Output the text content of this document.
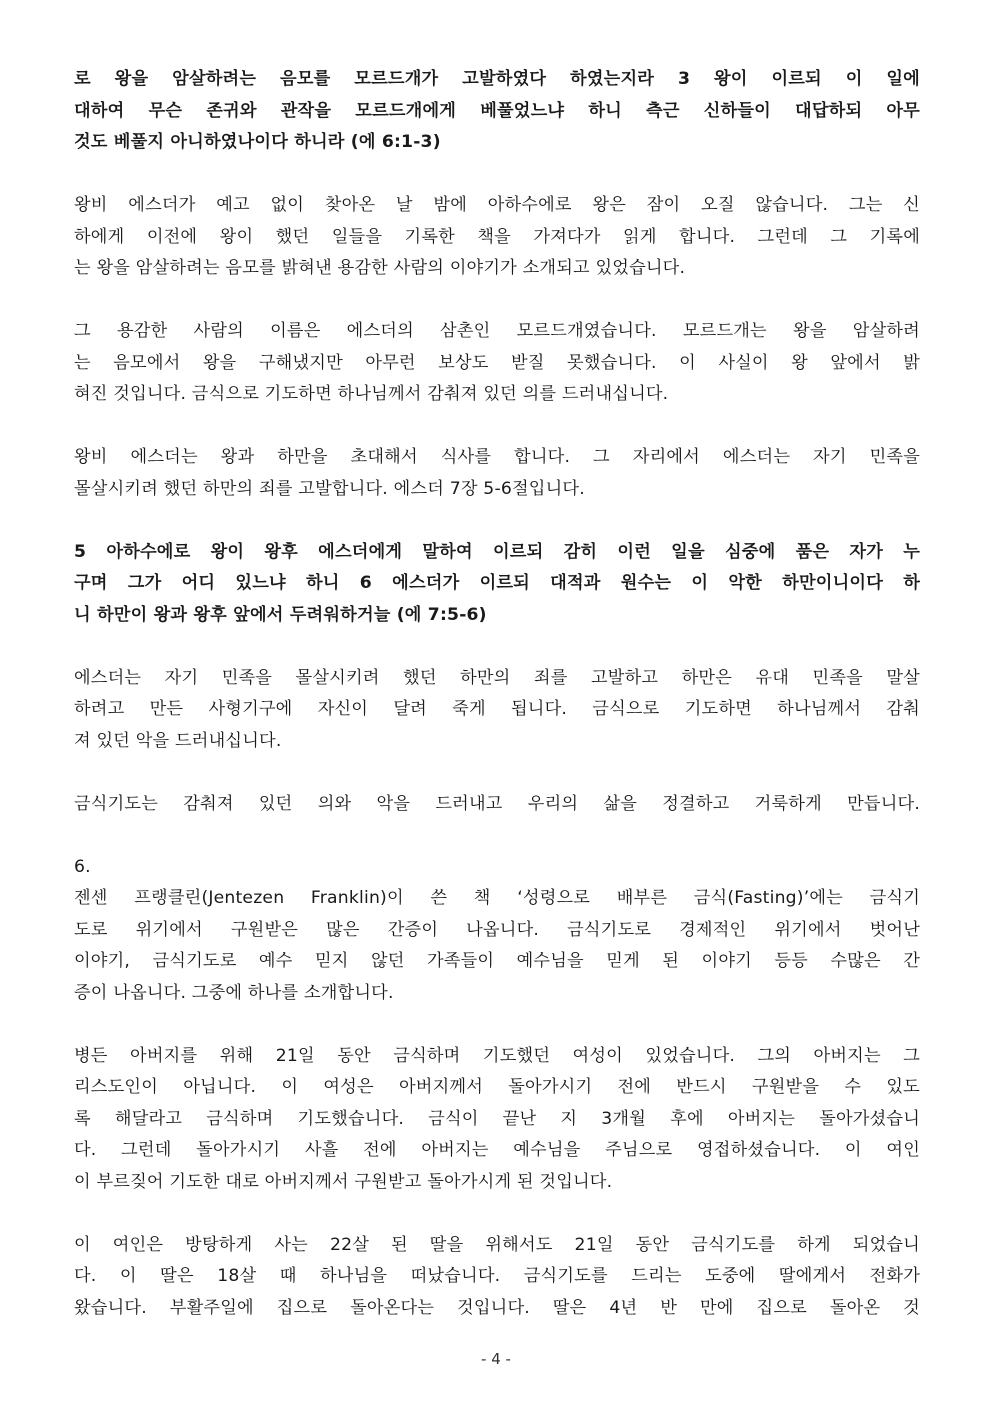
로 왕을 암살하려는 음모를 모르드개가 고발하였다 하였는지라 3 왕이 이르되 이 일에
대하여 무슨 존귀와 관작을 모르드개에게 베풀었느냐 하니 측근 신하들이 대답하되 아무
것도 베풀지 아니하였나이다 하니라 (에 6:1-3)
왕비 에스더가 예고 없이 찾아온 날 밤에 아하수에로 왕은 잠이 오질 않습니다. 그는 신
하에게 이전에 왕이 했던 일들을 기록한 책을 가져다가 읽게 합니다. 그런데 그 기록에
는 왕을 암살하려는 음모를 밝혀낸 용감한 사람의 이야기가 소개되고 있었습니다.
그 용감한 사람의 이름은 에스더의 삼촌인 모르드개였습니다. 모르드개는 왕을 암살하려
는 음모에서 왕을 구해냈지만 아무런 보상도 받질 못했습니다. 이 사실이 왕 앞에서 밝
혀진 것입니다. 금식으로 기도하면 하나님께서 감춰져 있던 의를 드러내십니다.
왕비 에스더는 왕과 하만을 초대해서 식사를 합니다. 그 자리에서 에스더는 자기 민족을
몰살시키려 했던 하만의 죄를 고발합니다. 에스더 7장 5-6절입니다.
5 아하수에로 왕이 왕후 에스더에게 말하여 이르되 감히 이런 일을 심중에 품은 자가 누
구며 그가 어디 있느냐 하니 6 에스더가 이르되 대적과 원수는 이 악한 하만이니이다 하
니 하만이 왕과 왕후 앞에서 두려워하거늘 (에 7:5-6)
에스더는 자기 민족을 몰살시키려 했던 하만의 죄를 고발하고 하만은 유대 민족을 말살
하려고 만든 사형기구에 자신이 달려 죽게 됩니다. 금식으로 기도하면 하나님께서 감춰
져 있던 악을 드러내십니다.
금식기도는 감춰져 있던 의와 악을 드러내고 우리의 삶을 정결하고 거룩하게 만듭니다.
6.
젠센 프랭클린(Jentezen Franklin)이 쓴 책 ‘성령으로 배부른 금식(Fasting)’에는 금식기
도로 위기에서 구원받은 많은 간증이 나옵니다. 금식기도로 경제적인 위기에서 벗어난
이야기, 금식기도로 예수 믿지 않던 가족들이 예수님을 믿게 된 이야기 등등 수많은 간
증이 나옵니다. 그중에 하나를 소개합니다.
병든 아버지를 위해 21일 동안 금식하며 기도했던 여성이 있었습니다. 그의 아버지는 그
리스도인이 아닙니다. 이 여성은 아버지께서 돌아가시기 전에 반드시 구원받을 수 있도
록 해달라고 금식하며 기도했습니다. 금식이 끝난 지 3개월 후에 아버지는 돌아가셨습니
다. 그런데 돌아가시기 사흘 전에 아버지는 예수님을 주님으로 영접하셨습니다. 이 여인
이 부르짖어 기도한 대로 아버지께서 구원받고 돌아가시게 된 것입니다.
이 여인은 방탕하게 사는 22살 된 딸을 위해서도 21일 동안 금식기도를 하게 되었습니
다. 이 딸은 18살 때 하나님을 떠났습니다. 금식기도를 드리는 도중에 딸에게서 전화가
왔습니다. 부활주일에 집으로 돌아온다는 것입니다. 딸은 4년 반 만에 집으로 돌아온 것
- 4 -
